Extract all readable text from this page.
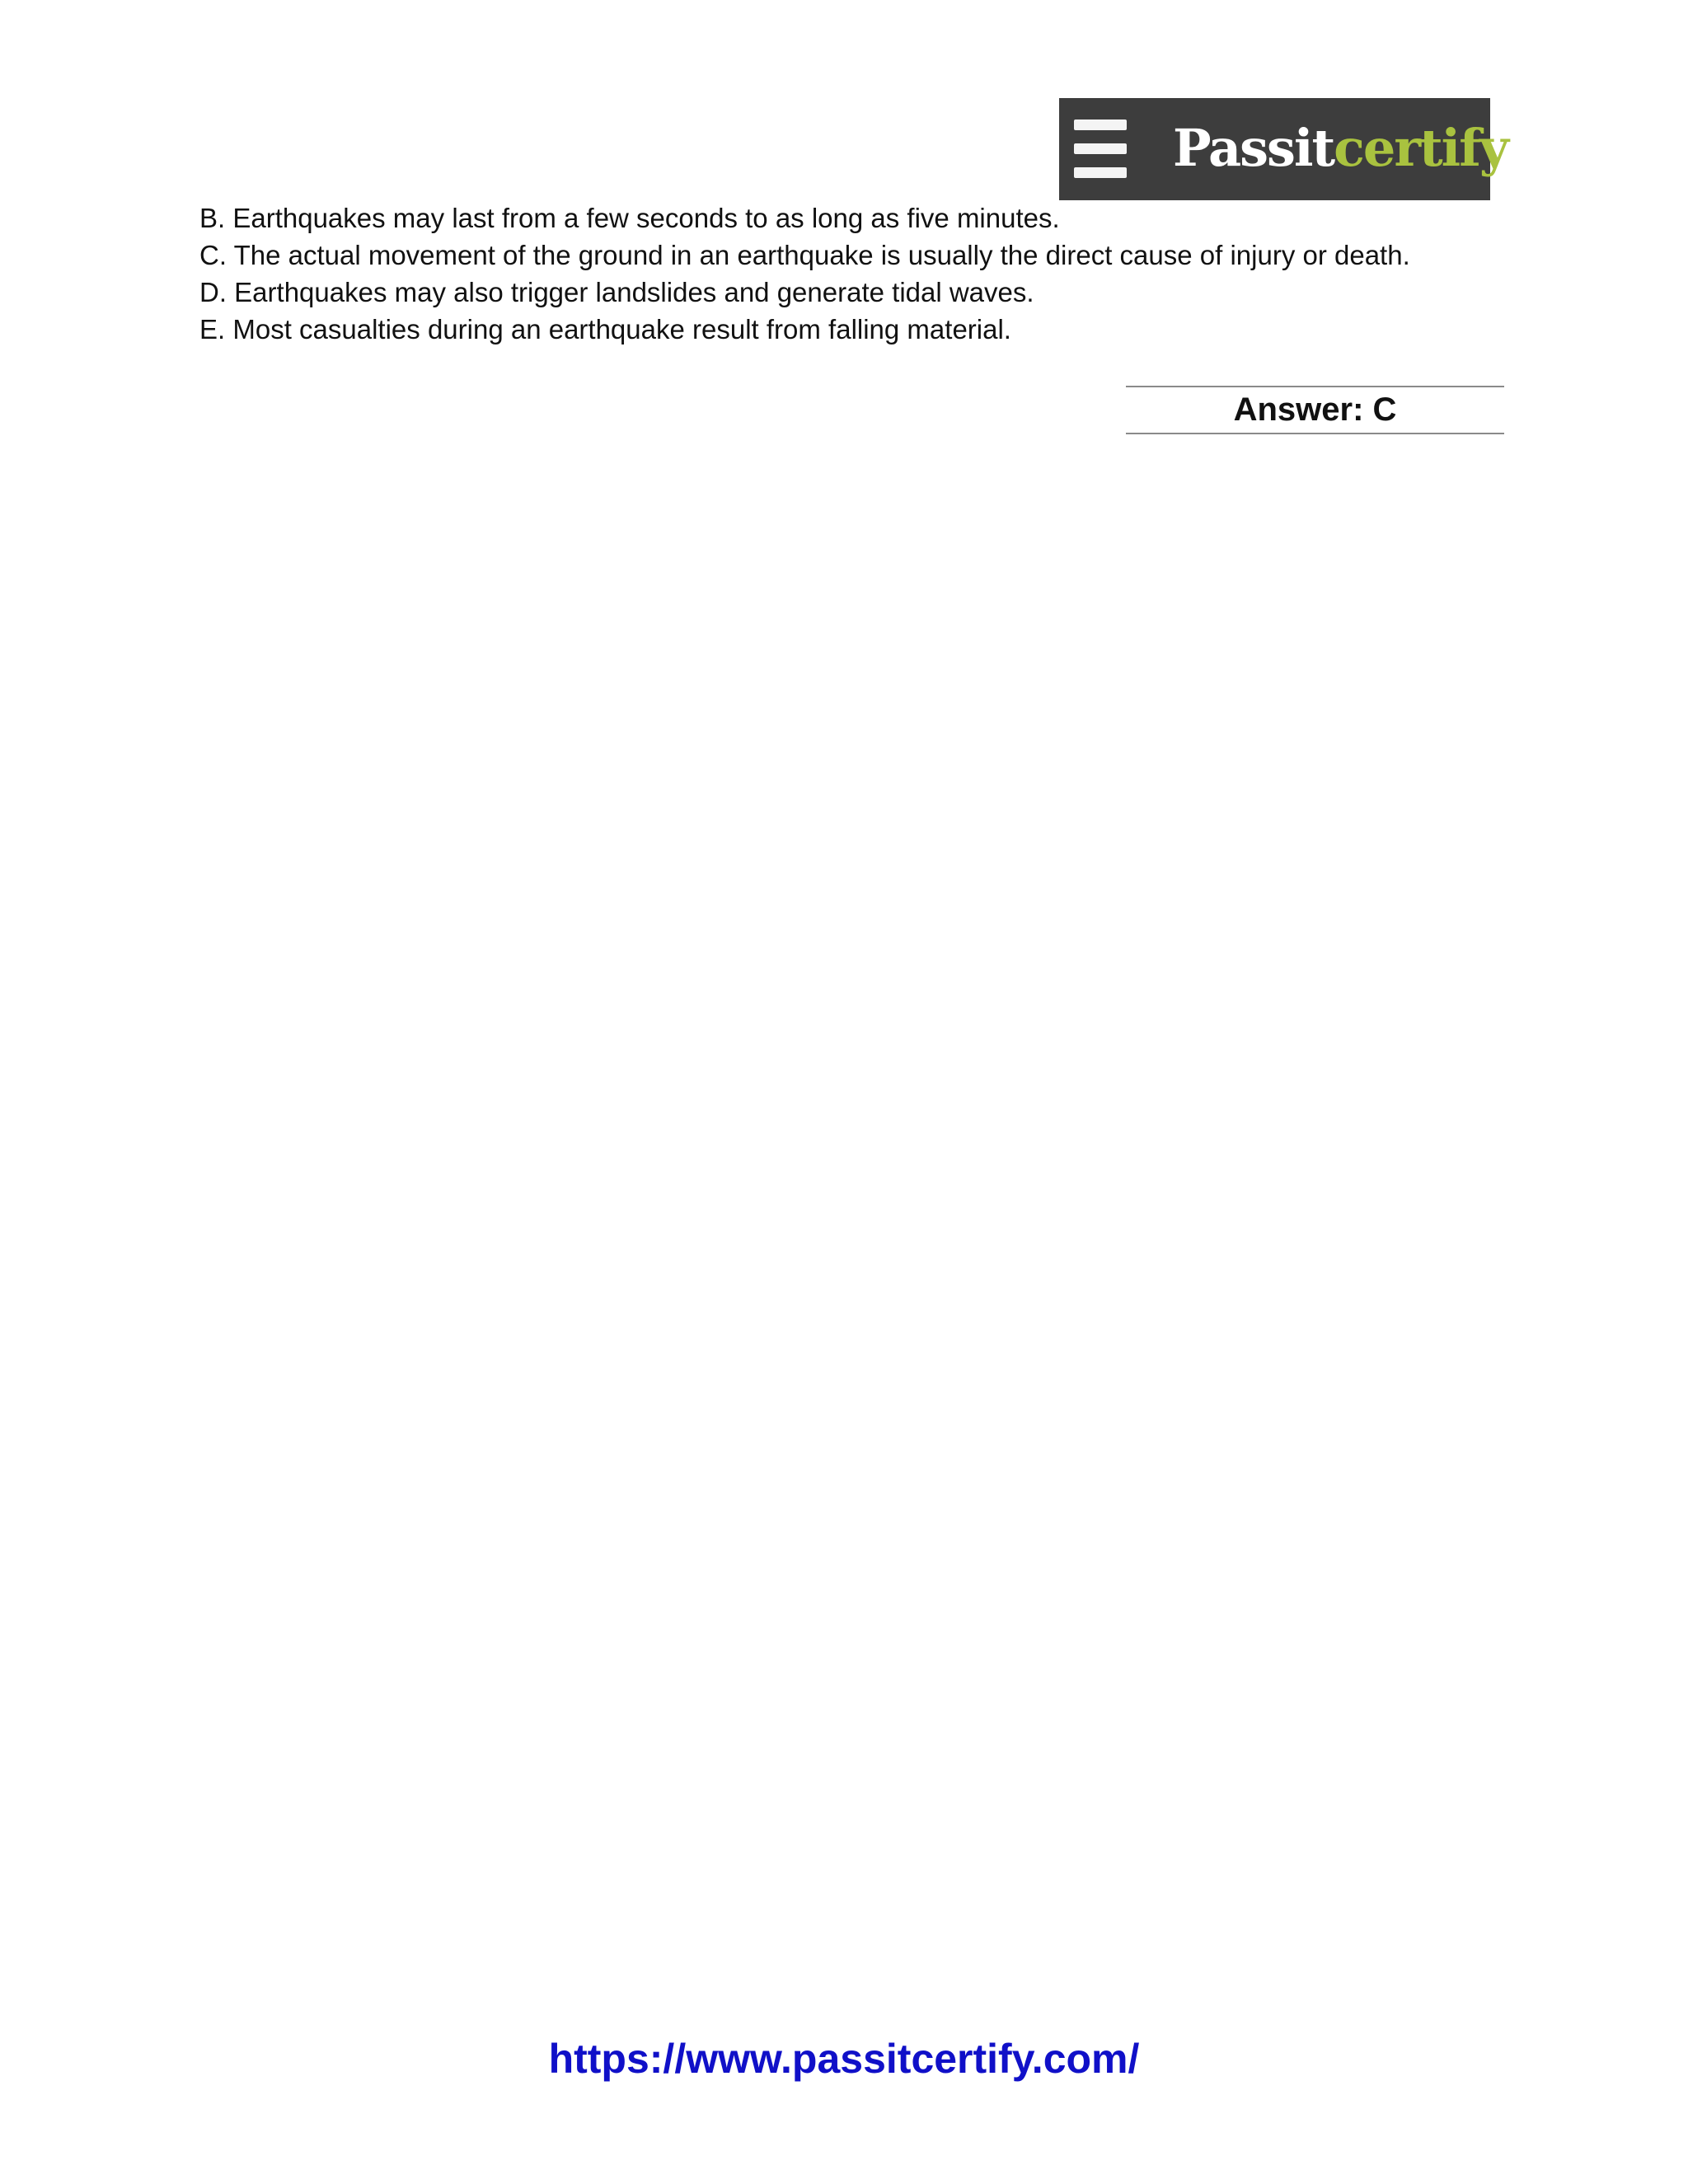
Passitcertify
B. Earthquakes may last from a few seconds to as long as five minutes.
C. The actual movement of the ground in an earthquake is usually the direct cause of injury or death.
D. Earthquakes may also trigger landslides and generate tidal waves.
E. Most casualties during an earthquake result from falling material.
Answer: C
https://www.passitcertify.com/
